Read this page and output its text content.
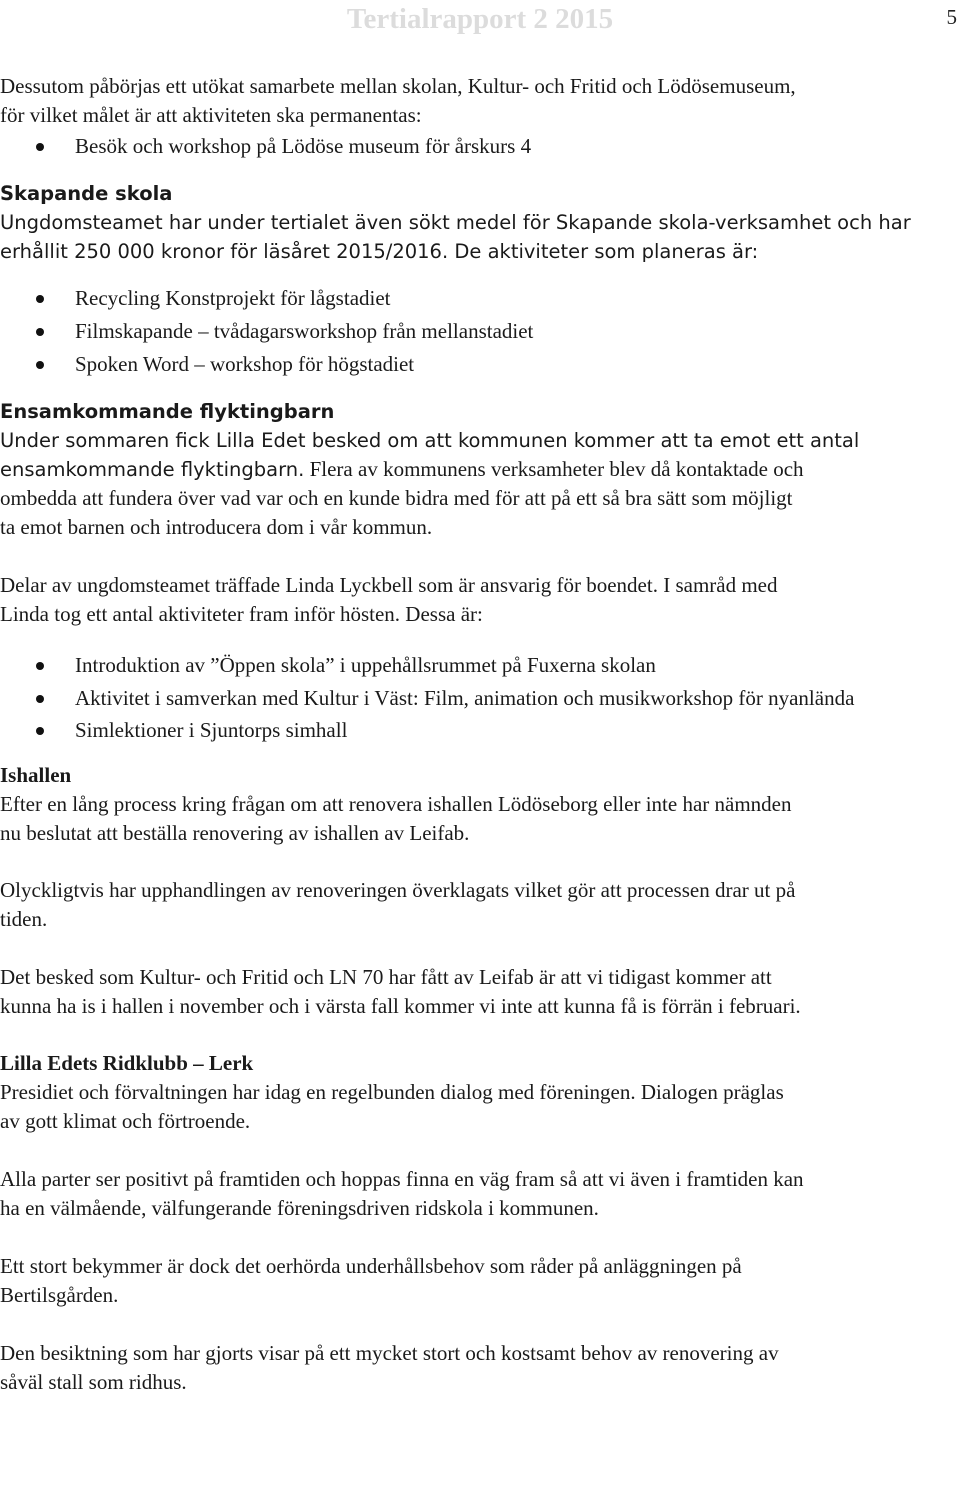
Tertialrapport 2 2015	5

Dessutom påbörjas ett utökat samarbete mellan skolan, Kultur- och Fritid och Lödösemuseum,

för vilket målet är att aktiviteten ska permanentas:

Besök och workshop på Lödöse museum för årskurs 4

Skapande skola

Ungdomsteamet har under tertialet även sökt medel för Skapande skola-verksamhet och har

erhållit 250 000 kronor för läsåret 2015/2016. De aktiviteter som planeras är:

Recycling Konstprojekt för lågstadiet
Filmskapande – tvådagarsworkshop från mellanstadiet
Spoken Word – workshop för högstadiet

Ensamkommande flyktingbarn

Under sommaren fick Lilla Edet besked om att kommunen kommer att ta emot ett antal

ensamkommande flyktingbarn. Flera av kommunens verksamheter blev då kontaktade och

ombedda att fundera över vad var och en kunde bidra med för att på ett så bra sätt som möjligt

ta emot barnen och introducera dom i vår kommun.

Delar av ungdomsteamet träffade Linda Lyckbell som är ansvarig för boendet. I samråd med

Linda tog ett antal aktiviteter fram inför hösten. Dessa är:

Introduktion av ”Öppen skola” i uppehållsrummet på Fuxerna skolan
Aktivitet i samverkan med Kultur i Väst: Film, animation och musikworkshop för nyanlända
Simlektioner i Sjuntorps simhall

Ishallen

Efter en lång process kring frågan om att renovera ishallen Lödöseborg eller inte har nämnden

nu beslutat att beställa renovering av ishallen av Leifab.

Olyckligtvis har upphandlingen av renoveringen överklagats vilket gör att processen drar ut på

tiden.

Det besked som Kultur- och Fritid och LN 70 har fått av Leifab är att vi tidigast kommer att

kunna ha is i hallen i november och i värsta fall kommer vi inte att kunna få is förrän i februari.

Lilla Edets Ridklubb – Lerk

Presidiet och förvaltningen har idag en regelbunden dialog med föreningen. Dialogen präglas

av gott klimat och förtroende.

Alla parter ser positivt på framtiden och hoppas finna en väg fram så att vi även i framtiden kan

ha en välmående, välfungerande föreningsdriven ridskola i kommunen.

Ett stort bekymmer är dock det oerhörda underhållsbehov som råder på anläggningen på

Bertilsgården.

Den besiktning som har gjorts visar på ett mycket stort och kostsamt behov av renovering av

såväl stall som ridhus.
